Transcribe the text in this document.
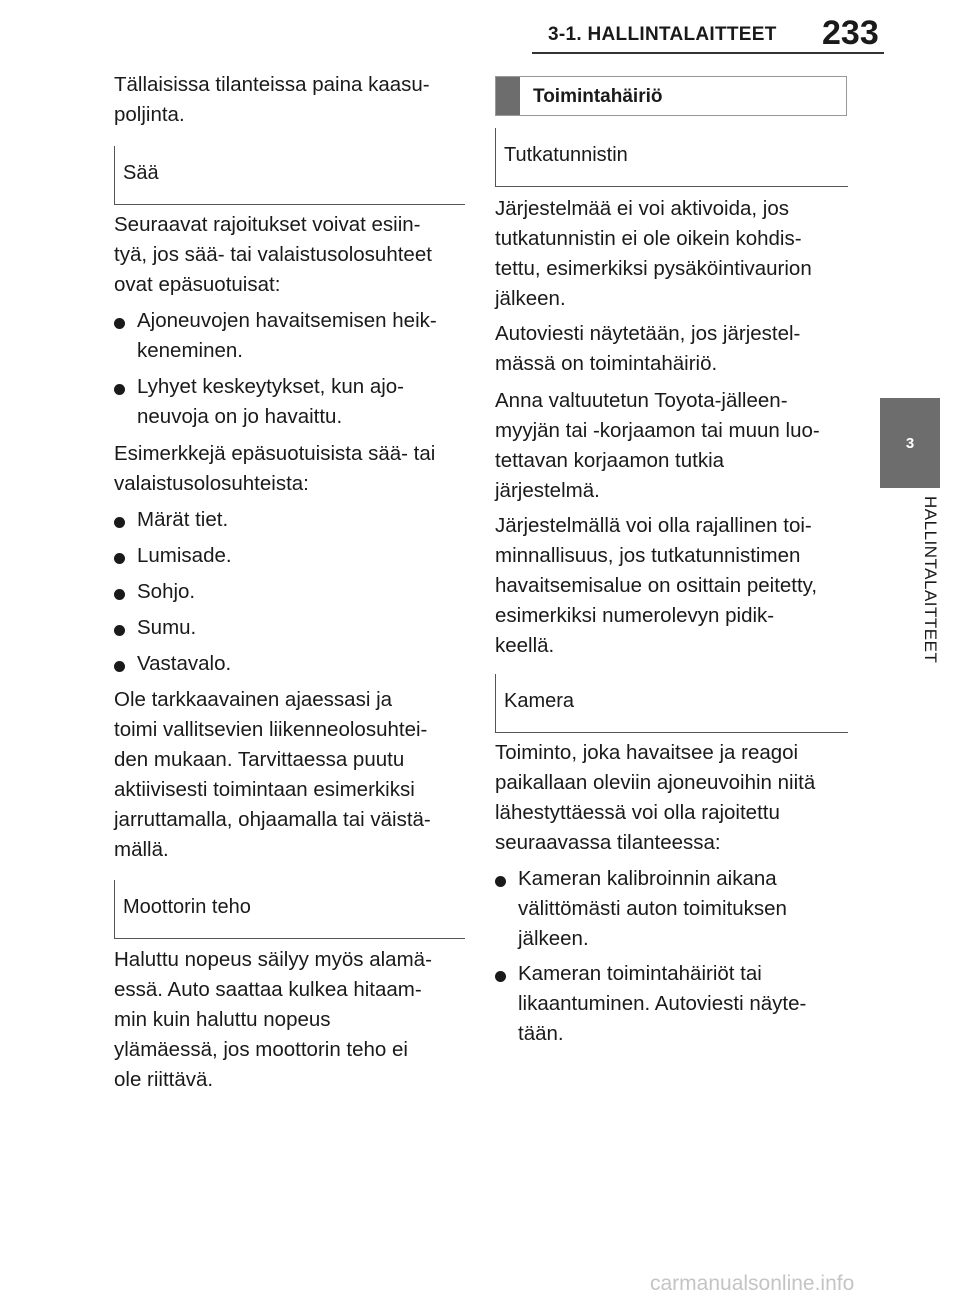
3-1. HALLINTALAITTEET 233
3
HALLINTALAITTEET

Tällaisissa tilanteissa paina kaasu-
poljinta.

Sää

Seuraavat rajoitukset voivat esiin-
tyä, jos sää- tai valaistusolosuhteet
ovat epäsuotuisat:

Ajoneuvojen havaitsemisen heik-
keneminen.
Lyhyet keskeytykset, kun ajo-
neuvoja on jo havaittu.

Esimerkkejä epäsuotuisista sää- tai
valaistusolosuhteista:

Märät tiet.
Lumisade.
Sohjo.
Sumu.
Vastavalo.

Ole tarkkaavainen ajaessasi ja
toimi vallitsevien liikenneolosuhtei-
den mukaan. Tarvittaessa puutu
aktiivisesti toimintaan esimerkiksi
jarruttamalla, ohjaamalla tai väistä-
mällä.

Moottorin teho

Haluttu nopeus säilyy myös alamä-
essä. Auto saattaa kulkea hitaam-
min kuin haluttu nopeus
ylämäessä, jos moottorin teho ei
ole riittävä.

Toimintahäiriö
Tutkatunnistin

Järjestelmää ei voi aktivoida, jos
tutkatunnistin ei ole oikein kohdis-
tettu, esimerkiksi pysäköintivaurion
jälkeen.

Autoviesti näytetään, jos järjestel-
mässä on toimintahäiriö.

Anna valtuutetun Toyota-jälleen-
myyjän tai -korjaamon tai muun luo-
tettavan korjaamon tutkia
järjestelmä.

Järjestelmällä voi olla rajallinen toi-
minnallisuus, jos tutkatunnistimen
havaitsemisalue on osittain peitetty,
esimerkiksi numerolevyn pidik-
keellä.

Kamera

Toiminto, joka havaitsee ja reagoi
paikallaan oleviin ajoneuvoihin niitä
lähestyttäessä voi olla rajoitettu
seuraavassa tilanteessa:

Kameran kalibroinnin aikana
välittömästi auton toimituksen
jälkeen.
Kameran toimintahäiriöt tai
likaantuminen. Autoviesti näyte-
tään.
carmanualsonline.info
